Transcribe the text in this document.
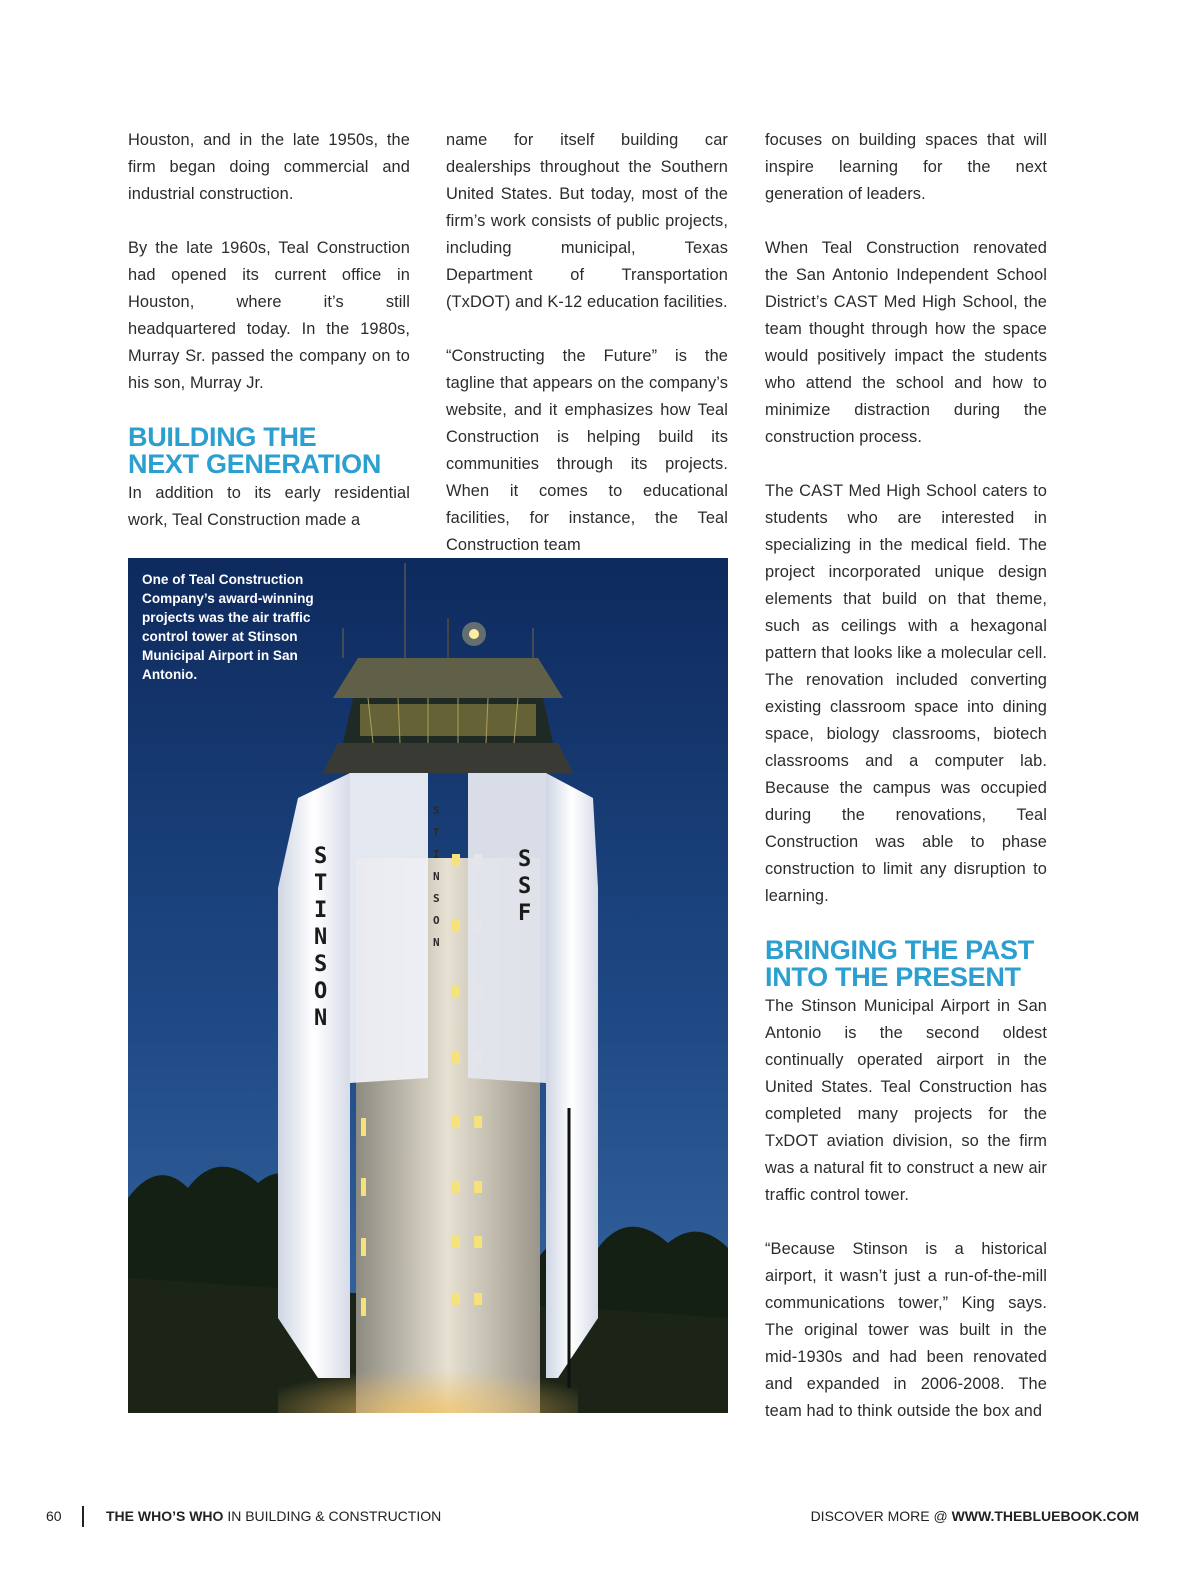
Houston, and in the late 1950s, the firm began doing commercial and industrial construction.

By the late 1960s, Teal Construction had opened its current office in Houston, where it’s still headquartered today. In the 1980s, Murray Sr. passed the company on to his son, Murray Jr.

BUILDING THE
NEXT GENERATION

In addition to its early residential work, Teal Construction made a

name for itself building car dealerships throughout the Southern United States. But today, most of the firm’s work consists of public projects, including municipal, Texas Department of Transportation (TxDOT) and K-12 education facilities.

“Constructing the Future” is the tagline that appears on the company’s website, and it emphasizes how Teal Construction is helping build its communities through its projects. When it comes to educational facilities, for instance, the Teal Construction team

focuses on building spaces that will inspire learning for the next generation of leaders.

When Teal Construction renovated the San Antonio Independent School District’s CAST Med High School, the team thought through how the space would positively impact the students who attend the school and how to minimize distraction during the construction process.

The CAST Med High School caters to students who are interested in specializing in the medical field. The project incorporated unique design elements that build on that theme, such as ceilings with a hexagonal pattern that looks like a molecular cell. The renovation included converting existing classroom space into dining space, biology classrooms, biotech classrooms and a computer lab. Because the campus was occupied during the renovations, Teal Construction was able to phase construction to limit any disruption to learning.

BRINGING THE PAST
INTO THE PRESENT

The Stinson Municipal Airport in San Antonio is the second oldest continually operated airport in the United States. Teal Construction has completed many projects for the TxDOT aviation division, so the firm was a natural fit to construct a new air traffic control tower.

“Because Stinson is a historical airport, it wasn’t just a run-of-the-mill communications tower,” King says. The original tower was built in the mid-1930s and had been renovated and expanded in 2006-2008. The team had to think outside the box and

S T I N S O N
S S F
S T I N S O N
One of Teal Construction Company’s award-winning projects was the air traffic control tower at Stinson Municipal Airport in San Antonio.
60	THE WHO’S WHO IN BUILDING & CONSTRUCTION	DISCOVER MORE @ WWW.THEBLUEBOOK.COM
